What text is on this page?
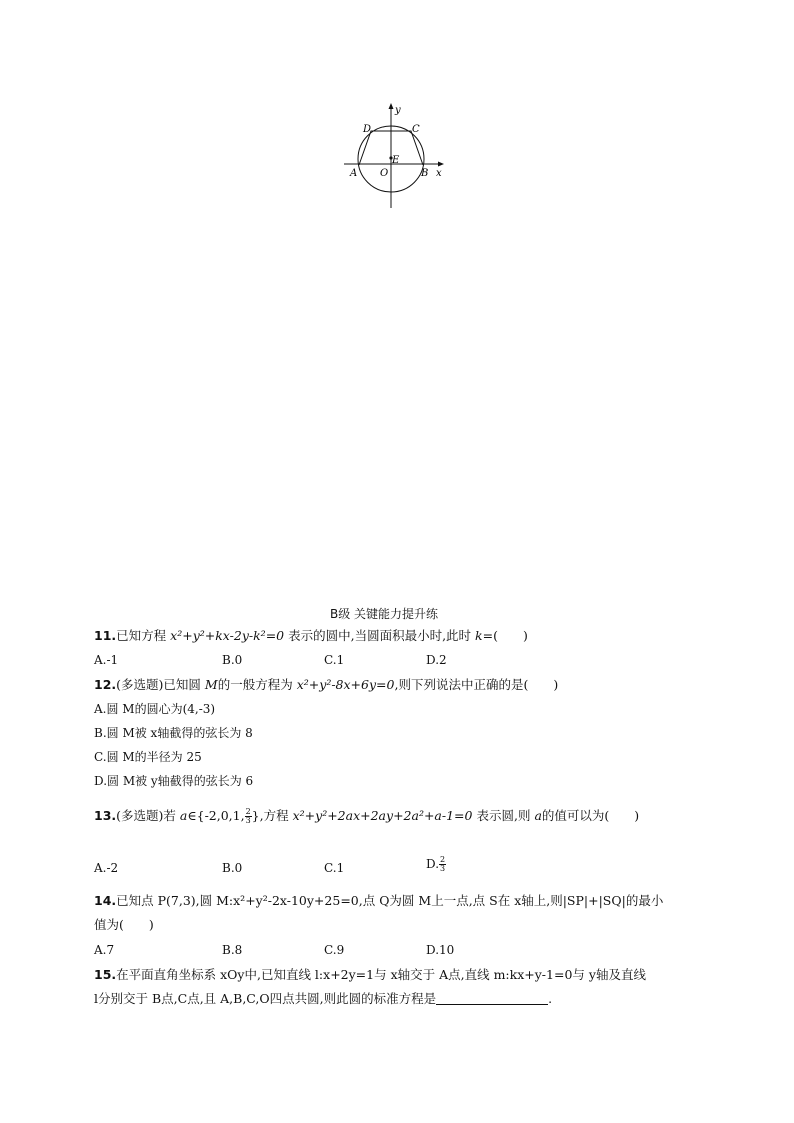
y
x
D	C
E
A O	B
B级 关键能力提升练
11.已知方程 x²+y²+kx-2y-k²=0 表示的圆中,当圆面积最小时,此时 k=(　　)
A.-1	B.0	C.1	D.2
12.(多选题)已知圆 M的一般方程为 x²+y²-8x+6y=0,则下列说法中正确的是(　　)
A.圆 M的圆心为(4,-3)
B.圆 M被 x轴截得的弦长为 8
C.圆 M的半径为 25
D.圆 M被 y轴截得的弦长为 6
13.(多选题)若 a∈{-2,0,1, $\frac{2}{3}$ },方程 x²+y²+2ax+2ay+2a²+a-1=0 表示圆,则 a的值可以为(　　)
A.-2	B.0	C.1	D. $\frac{2}{3}$
14.已知点 P(7,3),圆 M:x²+y²-2x-10y+25=0,点 Q为圆 M上一点,点 S在 x轴上,则|SP|+|SQ|的最小
值为(　　)
A.7	B.8	C.9	D.10
15.在平面直角坐标系 xOy中,已知直线 l:x+2y=1与 x轴交于 A点,直线 m:kx+y-1=0与 y轴及直线
l分别交于 B点,C点,且 A,B,C,O四点共圆,则此圆的标准方程是	.
